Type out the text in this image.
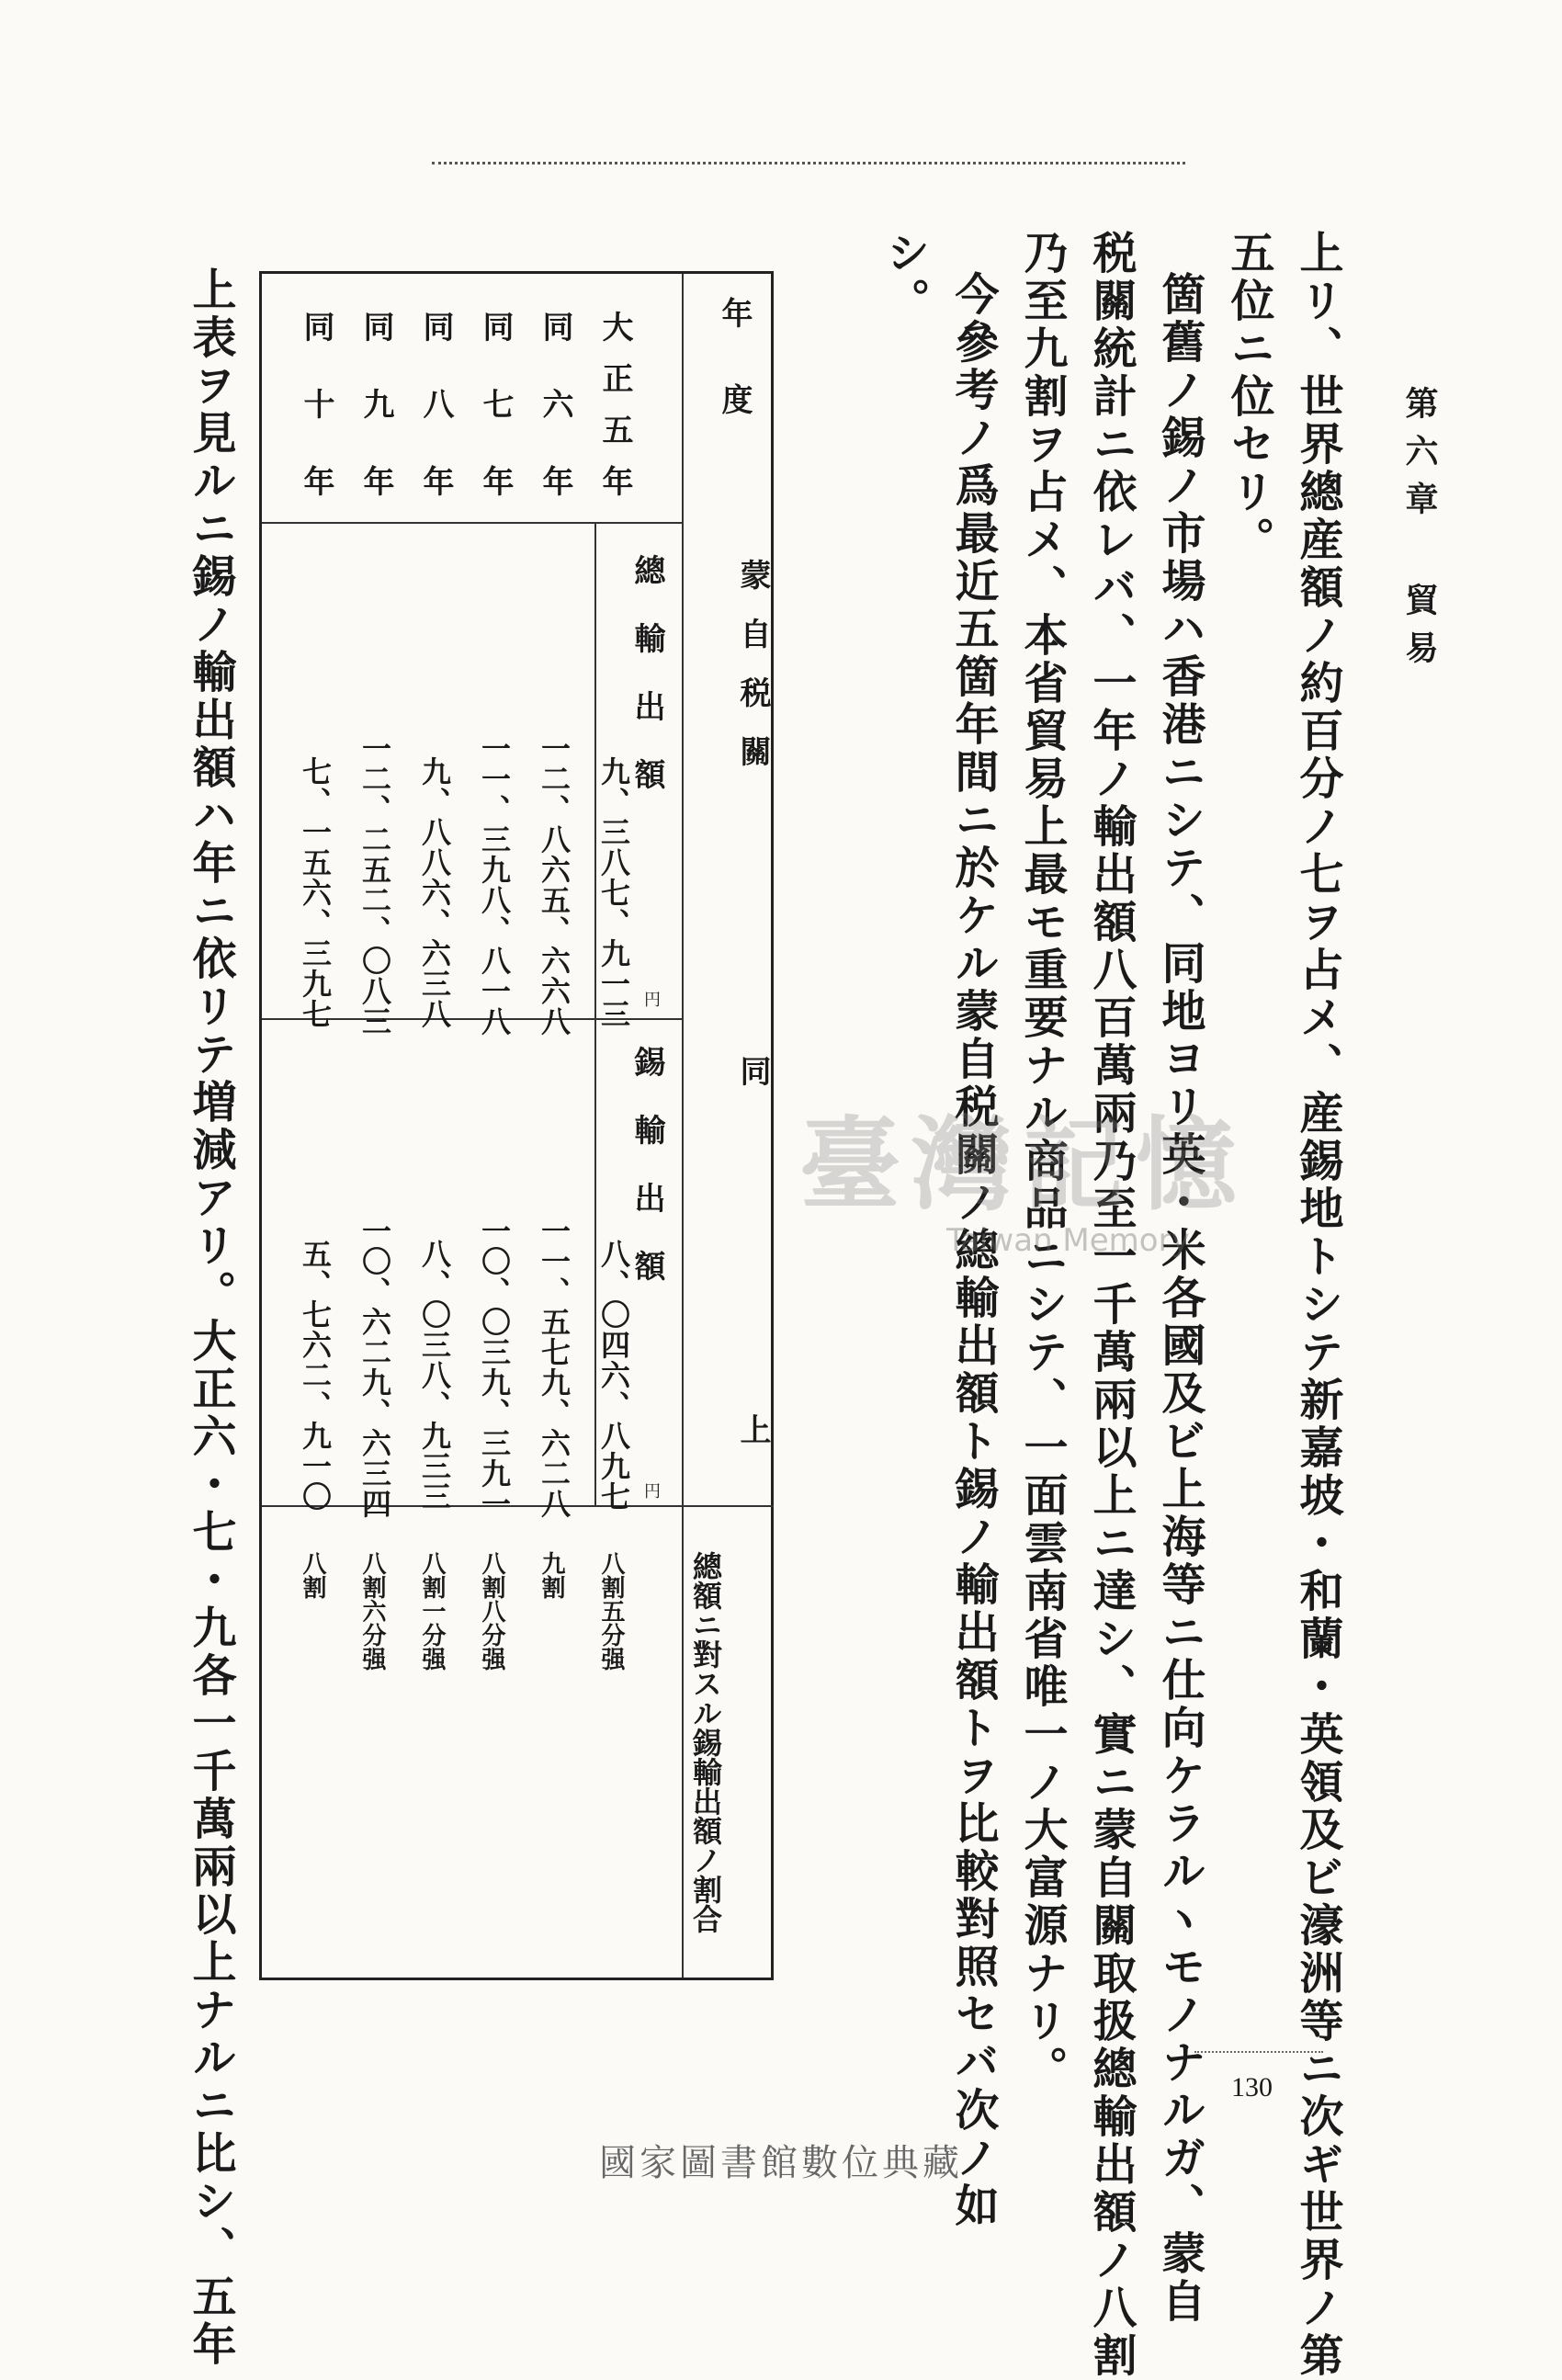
第六章 貿易
上リ、世界總産額ノ約百分ノ七ヲ占メ、産錫地トシテ新嘉坡・和蘭・英領及ビ濠洲等ニ次ギ世界ノ第
五位ニ位セリ。
箇舊ノ錫ノ市場ハ香港ニシテ、同地ヨリ英・米各國及ビ上海等ニ仕向ケラルヽモノナルガ、蒙自
税關統計ニ依レバ、一年ノ輸出額八百萬兩乃至一千萬兩以上ニ達シ、實ニ蒙自關取扱總輸出額ノ八割
乃至九割ヲ占メ、本省貿易上最モ重要ナル商品ニシテ、一面雲南省唯一ノ大富源ナリ。
今參考ノ爲最近五箇年間ニ於ケル蒙自税關ノ總輸出額ト錫ノ輸出額トヲ比較對照セバ次ノ如
シ。
臺灣記憶
Taiwan Memory
年度
蒙自税關
同
上
總輸出額
錫輸出額
總額ニ對スル錫輸出額ノ割合
円
円
大正五年
九、三八七、九一三
八、〇四六、八九七
八割五分强
同六年
一二、八六五、六六八
一一、五七九、六二八
九割
同七年
一一、三九八、八一八
一〇、〇三九、三九一
八割八分强
同八年
九、八八六、六三八
八、〇三八、九三三
八割一分强
同九年
一二、二五二、〇八三
一〇、六二九、六三四
八割六分强
同十年
七、一五六、三九七
五、七六二、九一〇
八割
上表ヲ見ルニ錫ノ輸出額ハ年ニ依リテ増減アリ。大正六・七・九各一千萬兩以上ナルニ比シ、五年	130
國家圖書館數位典藏
